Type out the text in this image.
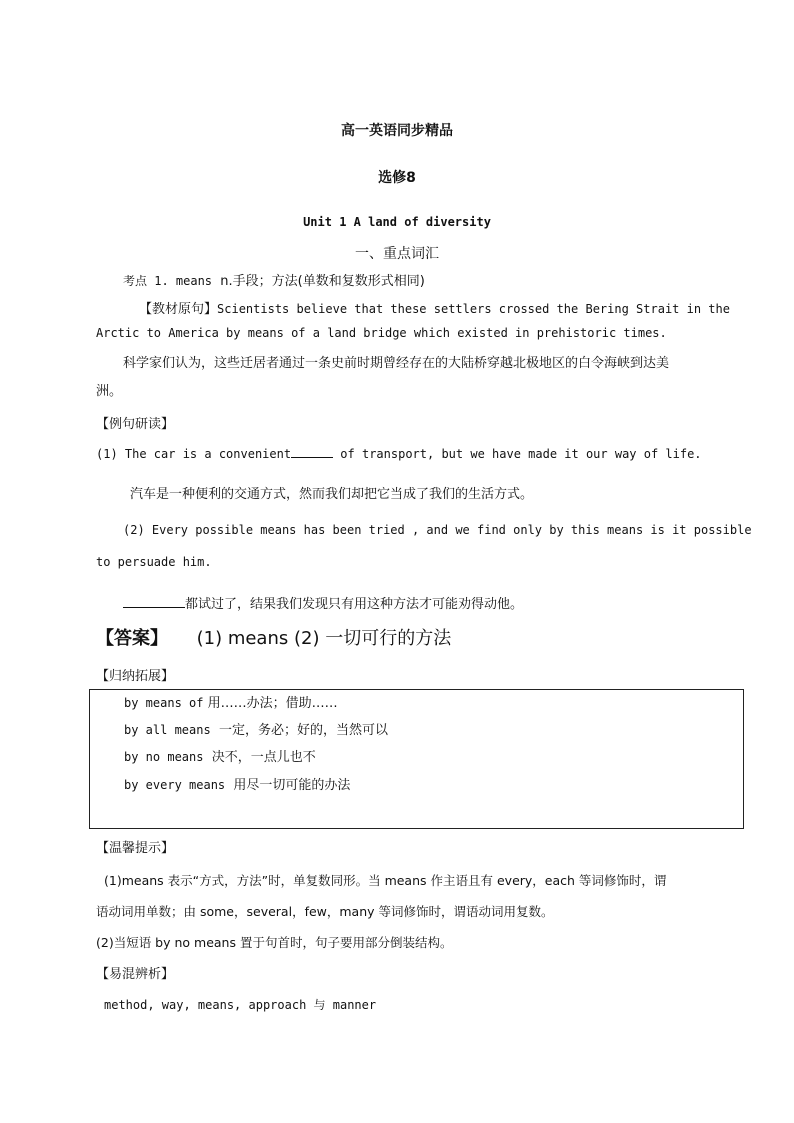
高一英语同步精品
选修8
Unit 1 A land of diversity
一、重点词汇
考点 1. means n.手段；方法(单数和复数形式相同)
【教材原句】Scientists believe that these settlers crossed the Bering Strait in the
Arctic to America by means of a land bridge which existed in prehistoric times.
科学家们认为，这些迁居者通过一条史前时期曾经存在的大陆桥穿越北极地区的白令海峡到达美
洲。
【例句研读】
(1) The car is a convenient	of transport, but we have made it our way of life.
汽车是一种便利的交通方式，然而我们却把它当成了我们的生活方式。
(2) Every possible means has been tried , and we find only by this means is it possible
to persuade him.
都试过了，结果我们发现只有用这种方法才可能劝得动他。
【答案】 (1) means (2) 一切可行的方法
【归纳拓展】
by means of 用……办法；借助……
by all means 一定，务必；好的，当然可以
by no means 决不，一点儿也不
by every means 用尽一切可能的办法
【温馨提示】
(1)means 表示“方式，方法”时，单复数同形。当 means 作主语且有 every，each 等词修饰时，谓
语动词用单数；由 some，several，few，many 等词修饰时，谓语动词用复数。
(2)当短语 by no means 置于句首时，句子要用部分倒装结构。
【易混辨析】
method, way, means, approach 与 manner
